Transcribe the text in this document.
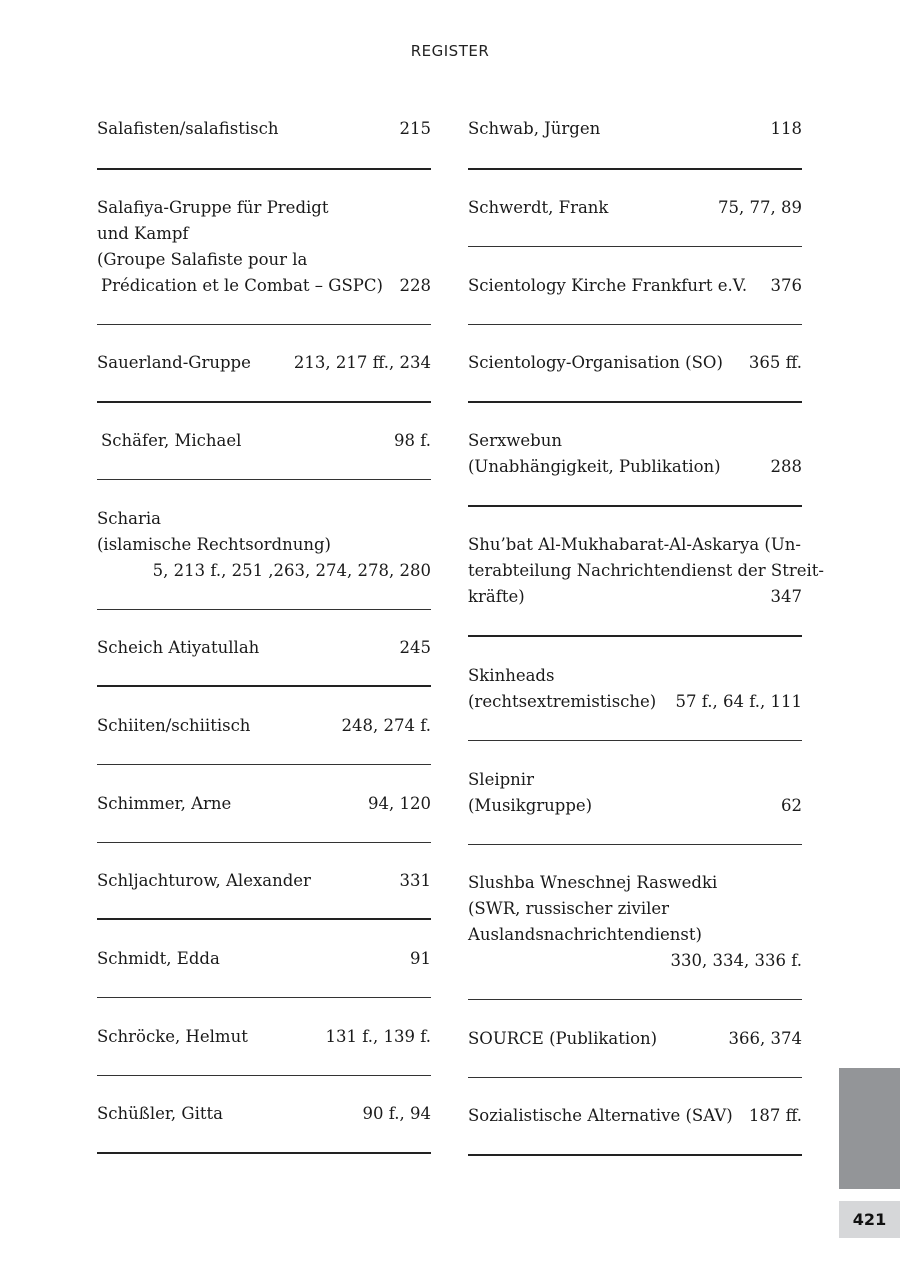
REGISTER
Salafisten/salafistisch	215
Salafiya-Gruppe für Predigt
und Kampf
(Groupe Salafiste pour la
Prédication et le Combat – GSPC)	228
Sauerland-Gruppe	213, 217 ff., 234
Schäfer, Michael	98 f.
Scharia
(islamische Rechtsordnung)
5, 213 f., 251 ,263, 274, 278, 280
Scheich Atiyatullah	245
Schiiten/schiitisch	248, 274 f.
Schimmer, Arne	94, 120
Schljachturow, Alexander	331
Schmidt, Edda	91
Schröcke, Helmut	131 f., 139 f.
Schüßler, Gitta	90 f., 94
Schwab, Jürgen	118
Schwerdt, Frank	75, 77, 89
Scientology Kirche Frankfurt e.V.	376
Scientology-Organisation (SO)	365 ff.
Serxwebun
(Unabhängigkeit, Publikation)	288
Shu’bat Al-Mukhabarat-Al-Askarya (Un-
terabteilung Nachrichtendienst der Streit-
kräfte)	347
Skinheads
(rechtsextremistische)	57 f., 64 f., 111
Sleipnir
(Musikgruppe)	62
Slushba Wneschnej Raswedki
(SWR, russischer ziviler
Auslandsnachrichtendienst)
330, 334, 336 f.
SOURCE (Publikation)	366, 374
Sozialistische Alternative (SAV) 187 ff.
421
